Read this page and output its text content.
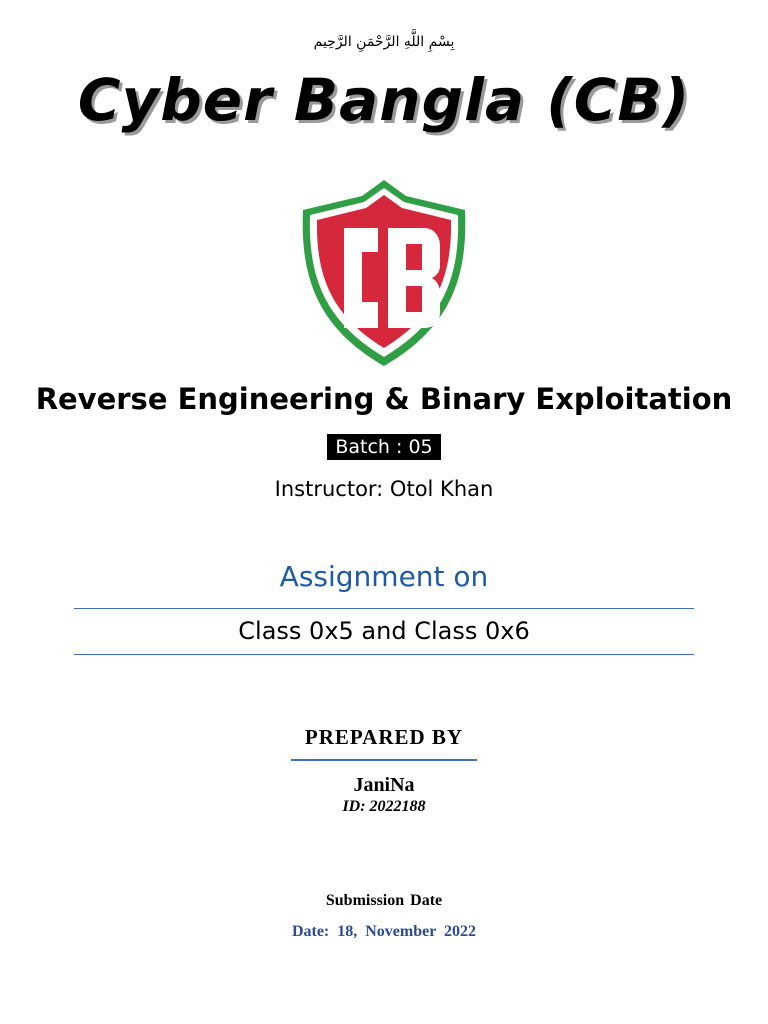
بِسْمِ اللَّهِ الرَّحْمَنِ الرَّحِيم
Cyber Bangla (CB)
Reverse Engineering & Binary Exploitation
Batch : 05
Instructor: Otol Khan
Assignment on
Class 0x5 and Class 0x6
PREPARED BY
JaniNa
ID: 2022188
Submission Date
Date: 18, November 2022
